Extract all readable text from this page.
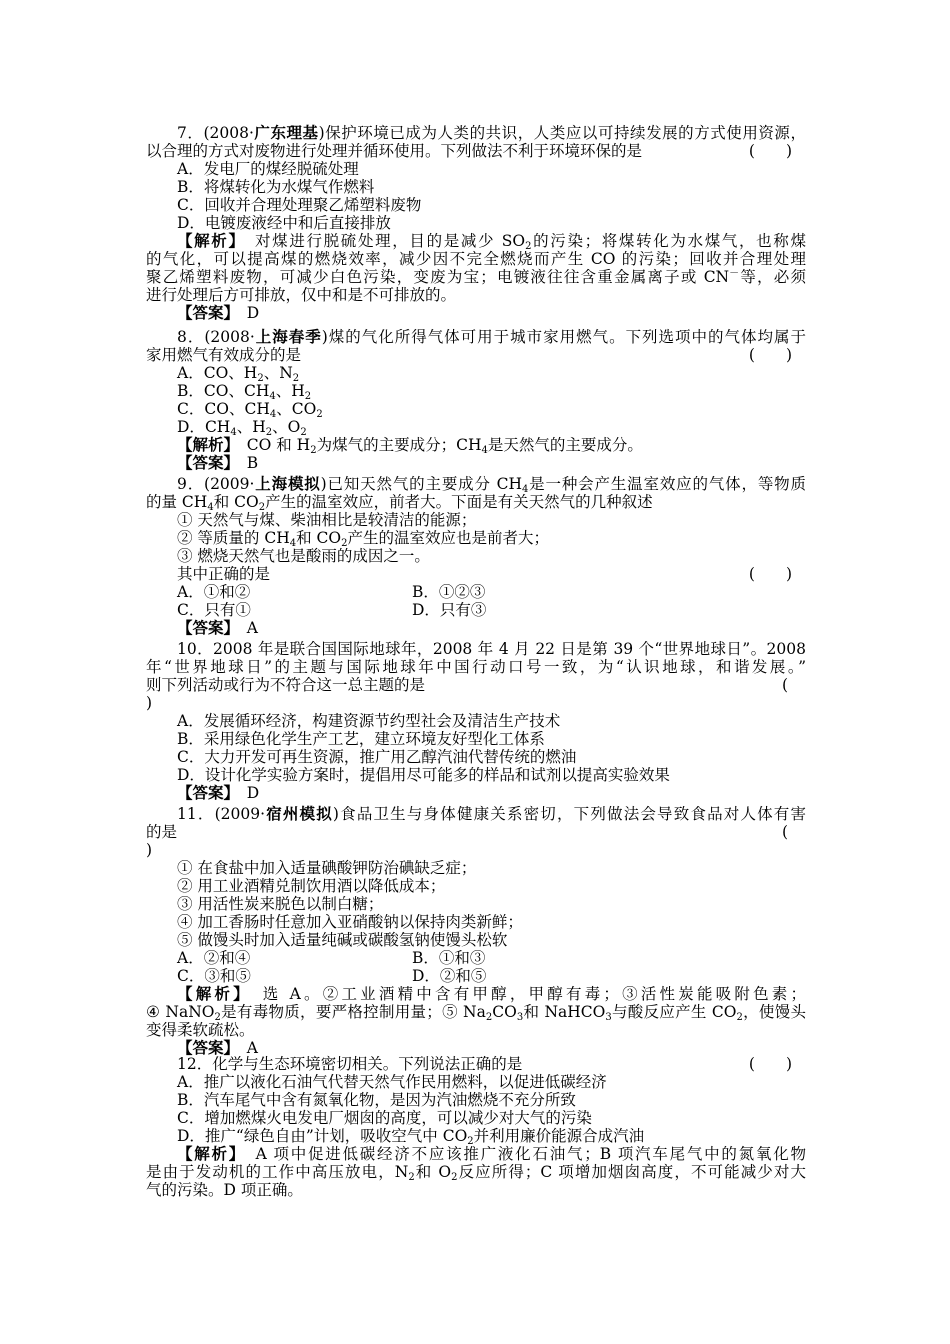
7．(2008·广东理基)保护环境已成为人类的共识，人类应以可持续发展的方式使用资源，
以合理的方式对废物进行处理并循环使用。下列做法不利于环境环保的是	(　　)
A．发电厂的煤经脱硫处理
B．将煤转化为水煤气作燃料
C．回收并合理处理聚乙烯塑料废物
D．电镀废液经中和后直接排放
【解析】　对煤进行脱硫处理，目的是减少 $SO_2$的污染；将煤转化为水煤气，也称煤
的气化，可以提高煤的燃烧效率，减少因不完全燃烧而产生 CO 的污染；回收并合理处理
聚乙烯塑料废物，可减少白色污染，变废为宝；电镀液往往含重金属离子或 CN－等，必须
进行处理后方可排放，仅中和是不可排放的。
【答案】　D
8．(2008·上海春季)煤的气化所得气体可用于城市家用燃气。下列选项中的气体均属于
家用燃气有效成分的是	(　　)
A．CO、$H_2$、$N_2$
B．CO、$CH_4$、$H_2$
C．CO、$CH_4$、$CO_2$
D．$CH_4$、$H_2$、$O_2$
【解析】　CO 和 $H_2$为煤气的主要成分；$CH_4$是天然气的主要成分。
【答案】　B
9．(2009·上海模拟)已知天然气的主要成分 $CH_4$是一种会产生温室效应的气体，等物质
的量 $CH_4$和 $CO_2$产生的温室效应，前者大。下面是有关天然气的几种叙述
① 天然气与煤、柴油相比是较清洁的能源；
② 等质量的 $CH_4$和 $CO_2$产生的温室效应也是前者大；
③ 燃烧天然气也是酸雨的成因之一。
其中正确的是	(　　)
A．①和②	B．①②③
C．只有①	D．只有③
【答案】　A
10．2008 年是联合国国际地球年，2008 年 4 月 22 日是第 39 个“世界地球日”。2008
年“世界地球日”的主题与国际地球年中国行动口号一致，为“认识地球，和谐发展。”
则下列活动或行为不符合这一总主题的是	(
)
A．发展循环经济，构建资源节约型社会及清洁生产技术
B．采用绿色化学生产工艺，建立环境友好型化工体系
C．大力开发可再生资源，推广用乙醇汽油代替传统的燃油
D．设计化学实验方案时，提倡用尽可能多的样品和试剂以提高实验效果
【答案】　D
11．(2009·宿州模拟)食品卫生与身体健康关系密切，下列做法会导致食品对人体有害
的是	(
)
① 在食盐中加入适量碘酸钾防治碘缺乏症；
② 用工业酒精兑制饮用酒以降低成本；
③ 用活性炭来脱色以制白糖；
④ 加工香肠时任意加入亚硝酸钠以保持肉类新鲜；
⑤ 做馒头时加入适量纯碱或碳酸氢钠使馒头松软
A．②和④	B．①和③
C．③和⑤	D．②和⑤
【解析】　选 A。②工业酒精中含有甲醇，甲醇有毒；③活性炭能吸附色素；
④ NaNO$_2$是有毒物质，要严格控制用量；⑤ $Na_2CO_3$和 NaHCO$_3$与酸反应产生 $CO_2$，使馒头
变得柔软疏松。
【答案】　A
12．化学与生态环境密切相关。下列说法正确的是	(　　)
A．推广以液化石油气代替天然气作民用燃料，以促进低碳经济
B．汽车尾气中含有氮氧化物，是因为汽油燃烧不充分所致
C．增加燃煤火电发电厂烟囱的高度，可以减少对大气的污染
D．推广“绿色自由”计划，吸收空气中 $CO_2$并利用廉价能源合成汽油
【解析】　A 项中促进低碳经济不应该推广液化石油气；B 项汽车尾气中的氮氧化物
是由于发动机的工作中高压放电，$N_2$和 $O_2$反应所得；C 项增加烟囱高度，不可能减少对大
气的污染。D 项正确。
